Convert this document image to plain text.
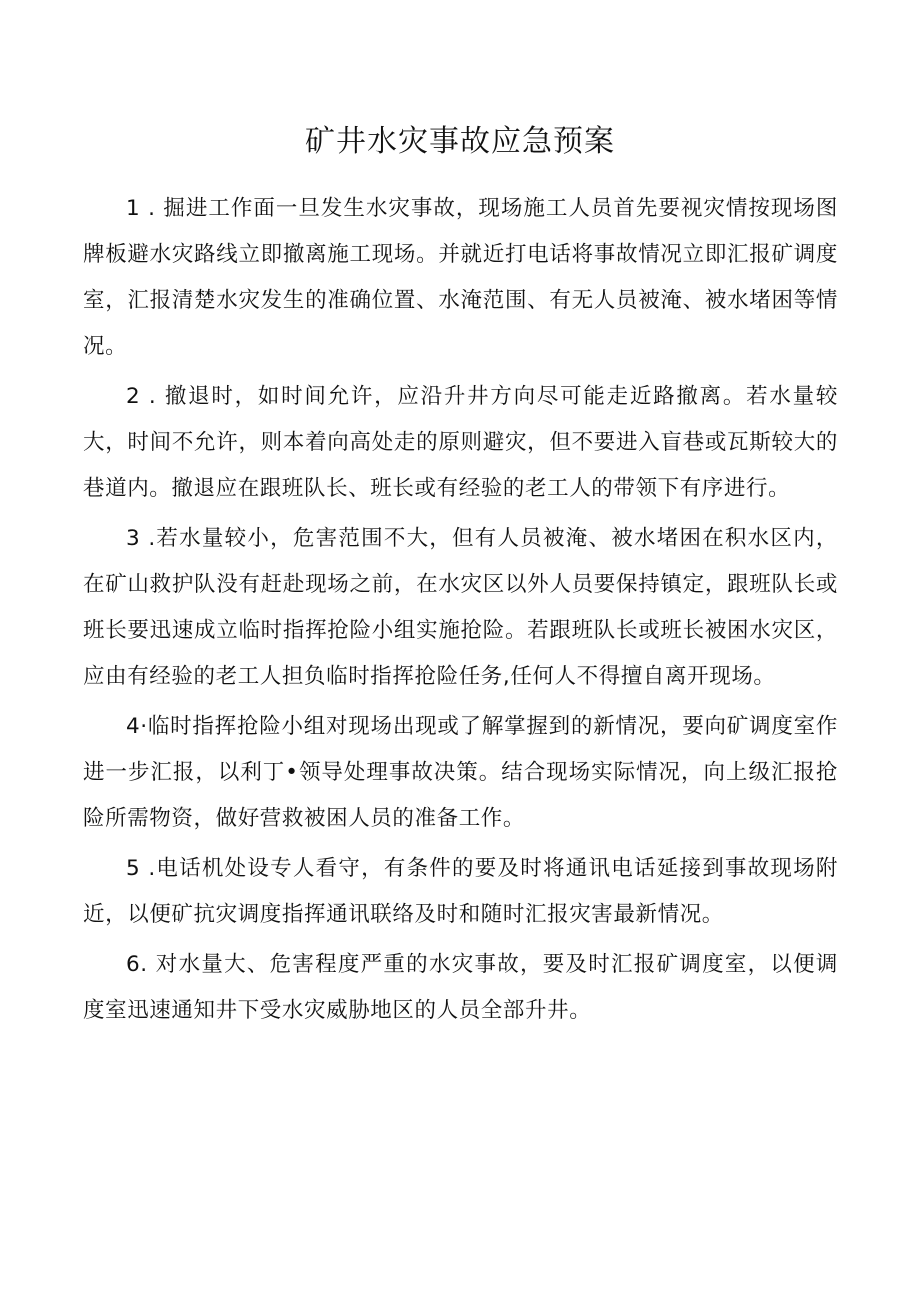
矿井水灾事故应急预案

1 . 掘进工作面一旦发生水灾事故，现场施工人员首先要视灾情按现场图牌板避水灾路线立即撤离施工现场。并就近打电话将事故情况立即汇报矿调度室，汇报清楚水灾发生的准确位置、水淹范围、有无人员被淹、被水堵困等情况。

2 . 撤退时，如时间允许，应沿升井方向尽可能走近路撤离。若水量较大，时间不允许，则本着向高处走的原则避灾，但不要进入盲巷或瓦斯较大的巷道内。撤退应在跟班队长、班长或有经验的老工人的带领下有序进行。

3 .若水量较小，危害范围不大，但有人员被淹、被水堵困在积水区内，在矿山救护队没有赶赴现场之前，在水灾区以外人员要保持镇定，跟班队长或班长要迅速成立临时指挥抢险小组实施抢险。若跟班队长或班长被困水灾区，应由有经验的老工人担负临时指挥抢险任务,任何人不得擅自离开现场。

4·临时指挥抢险小组对现场出现或了解掌握到的新情况，要向矿调度室作进一步汇报，以利丁•领导处理事故决策。结合现场实际情况，向上级汇报抢险所需物资，做好营救被困人员的准备工作。

5 .电话机处设专人看守，有条件的要及时将通讯电话延接到事故现场附近，以便矿抗灾调度指挥通讯联络及时和随时汇报灾害最新情况。

6. 对水量大、危害程度严重的水灾事故，要及时汇报矿调度室，以便调度室迅速通知井下受水灾威胁地区的人员全部升井。
